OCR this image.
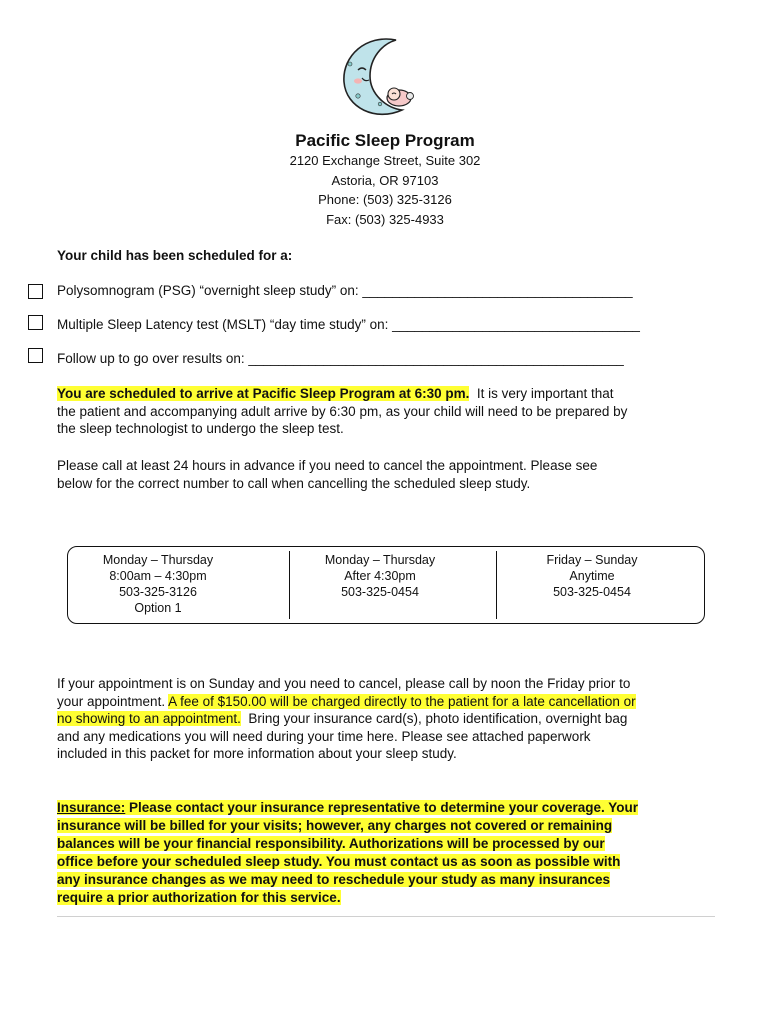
Pacific Sleep Program
2120 Exchange Street, Suite 302
Astoria, OR 97103
Phone: (503) 325-3126
Fax: (503) 325-4933
Your child has been scheduled for a:
Polysomnogram (PSG) “overnight sleep study” on: ____________________________________
Multiple Sleep Latency test (MSLT) “day time study” on: _________________________________
Follow up to go over results on: __________________________________________________
You are scheduled to arrive at Pacific Sleep Program at 6:30 pm. It is very important that
the patient and accompanying adult arrive by 6:30 pm, as your child will need to be prepared by
the sleep technologist to undergo the sleep test.
Please call at least 24 hours in advance if you need to cancel the appointment. Please see
below for the correct number to call when cancelling the scheduled sleep study.
Monday – Thursday
8:00am – 4:30pm
503-325-3126
Option 1
Monday – Thursday
After 4:30pm
503-325-0454
Friday – Sunday
Anytime
503-325-0454
If your appointment is on Sunday and you need to cancel, please call by noon the Friday prior to
your appointment. A fee of $150.00 will be charged directly to the patient for a late cancellation or
no showing to an appointment. Bring your insurance card(s), photo identification, overnight bag
and any medications you will need during your time here. Please see attached paperwork
included in this packet for more information about your sleep study.
Insurance: Please contact your insurance representative to determine your coverage. Your
insurance will be billed for your visits; however, any charges not covered or remaining
balances will be your financial responsibility. Authorizations will be processed by our
office before your scheduled sleep study. You must contact us as soon as possible with
any insurance changes as we may need to reschedule your study as many insurances
require a prior authorization for this service.
